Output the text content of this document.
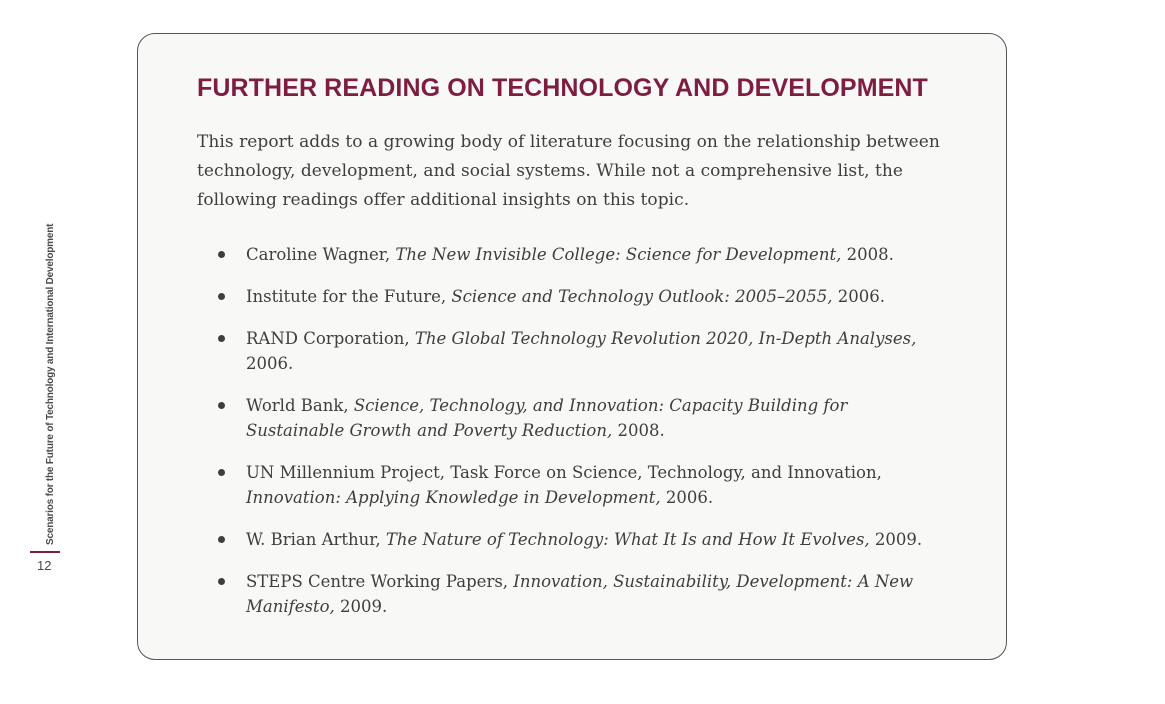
Scenarios for the Future of Technology and International Development
12
FURTHER READING ON TECHNOLOGY AND DEVELOPMENT

This report adds to a growing body of literature focusing on the relationship between technology, development, and social systems. While not a comprehensive list, the following readings offer additional insights on this topic.

Caroline Wagner, The New Invisible College: Science for Development, 2008.
Institute for the Future, Science and Technology Outlook: 2005–2055, 2006.
RAND Corporation, The Global Technology Revolution 2020, In-Depth Analyses, 2006.
World Bank, Science, Technology, and Innovation: Capacity Building for Sustainable Growth and Poverty Reduction, 2008.
UN Millennium Project, Task Force on Science, Technology, and Innovation, Innovation: Applying Knowledge in Development, 2006.
W. Brian Arthur, The Nature of Technology: What It Is and How It Evolves, 2009.
STEPS Centre Working Papers, Innovation, Sustainability, Development: A New Manifesto, 2009.
